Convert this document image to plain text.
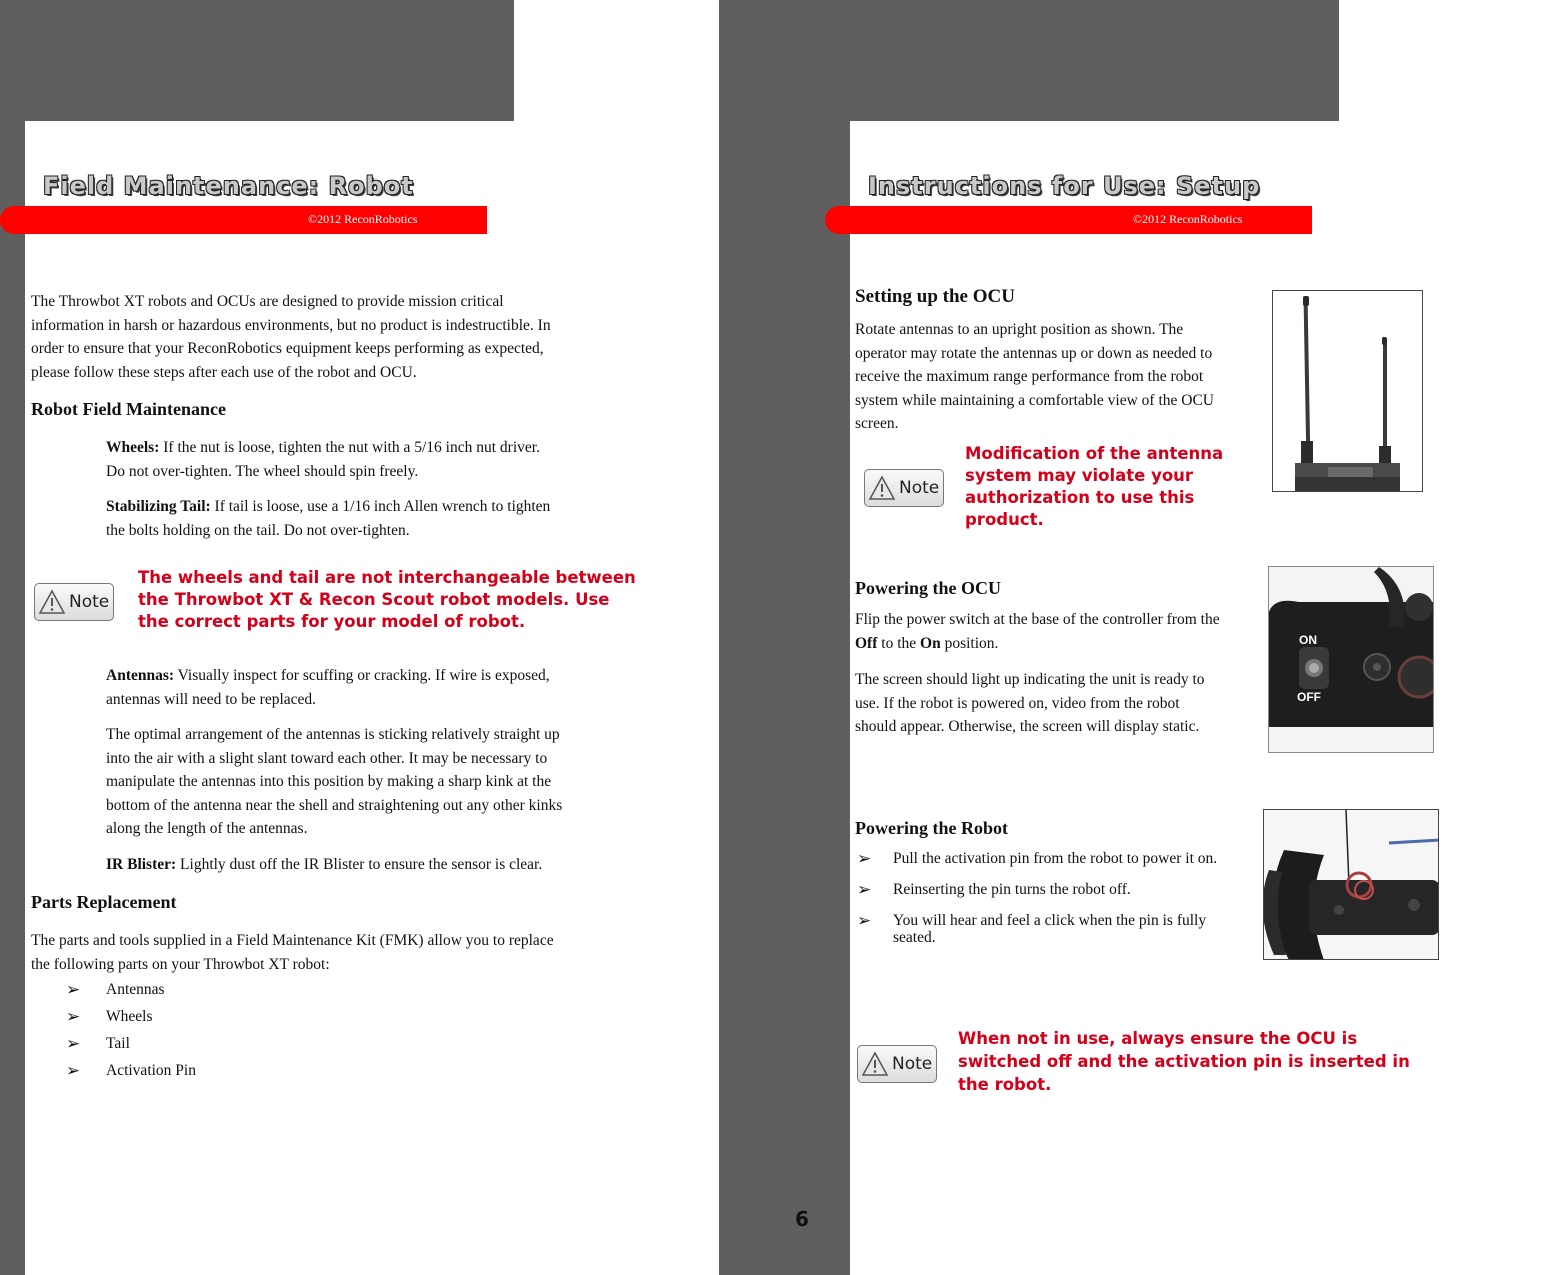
Field Maintenance: Robot
©2012 ReconRobotics
Instructions for Use: Setup
©2012 ReconRobotics
6
The Throwbot XT robots and OCUs are designed to provide mission critical
information in harsh or hazardous environments, but no product is indestructible. In
order to ensure that your ReconRobotics equipment keeps performing as expected,
please follow these steps after each use of the robot and OCU.
Robot Field Maintenance
Wheels: If the nut is loose, tighten the nut with a 5/16 inch nut driver.
Do not over-tighten. The wheel should spin freely.
Stabilizing Tail: If tail is loose, use a 1/16 inch Allen wrench to tighten
the bolts holding on the tail. Do not over-tighten.
Note
The wheels and tail are not interchangeable between
the Throwbot XT & Recon Scout robot models. Use
the correct parts for your model of robot.
Antennas: Visually inspect for scuffing or cracking. If wire is exposed,
antennas will need to be replaced.
The optimal arrangement of the antennas is sticking relatively straight up
into the air with a slight slant toward each other. It may be necessary to
manipulate the antennas into this position by making a sharp kink at the
bottom of the antenna near the shell and straightening out any other kinks
along the length of the antennas.
IR Blister: Lightly dust off the IR Blister to ensure the sensor is clear.
Parts Replacement
The parts and tools supplied in a Field Maintenance Kit (FMK) allow you to replace
the following parts on your Throwbot XT robot:
➢ Antennas
➢ Wheels
➢ Tail
➢ Activation Pin
Setting up the OCU
Rotate antennas to an upright position as shown. The
operator may rotate the antennas up or down as needed to
receive the maximum range performance from the robot
system while maintaining a comfortable view of the OCU
screen.
Note
Modification of the antenna
system may violate your
authorization to use this
product.
Powering the OCU
Flip the power switch at the base of the controller from the
Off to the On position.
The screen should light up indicating the unit is ready to
use. If the robot is powered on, video from the robot
should appear. Otherwise, the screen will display static.
ON
OFF
Powering the Robot
➢ Pull the activation pin from the robot to power it on.
➢ Reinserting the pin turns the robot off.
➢ You will hear and feel a click when the pin is fully
seated.
Note
When not in use, always ensure the OCU is
switched off and the activation pin is inserted in
the robot.
